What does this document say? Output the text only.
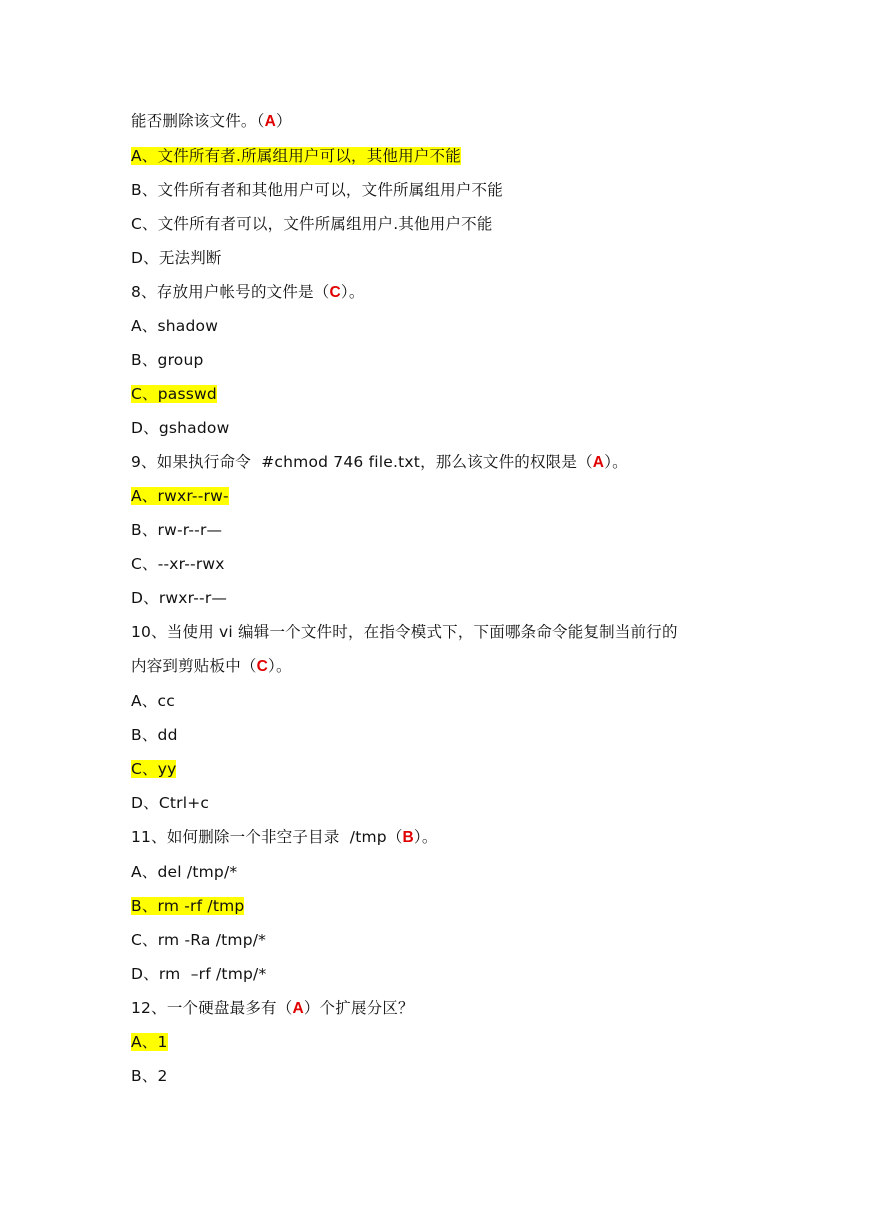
能否删除该文件。（A）
A、文件所有者.所属组用户可以，其他用户不能
B、文件所有者和其他用户可以，文件所属组用户不能
C、文件所有者可以，文件所属组用户.其他用户不能
D、无法判断
8、存放用户帐号的文件是（C）。
A、shadow
B、group
C、passwd
D、gshadow
9、如果执行命令  #chmod 746 file.txt，那么该文件的权限是（A）。
A、rwxr--rw-
B、rw-r--r—
C、--xr--rwx
D、rwxr--r—
10、当使用 vi 编辑一个文件时，在指令模式下，下面哪条命令能复制当前行的
内容到剪贴板中（C）。
A、cc
B、dd
C、yy
D、Ctrl+c
11、如何删除一个非空子目录  /tmp（B）。
A、del /tmp/*
B、rm -rf /tmp
C、rm -Ra /tmp/*
D、rm  –rf /tmp/*
12、一个硬盘最多有（A）个扩展分区？
A、1
B、2
